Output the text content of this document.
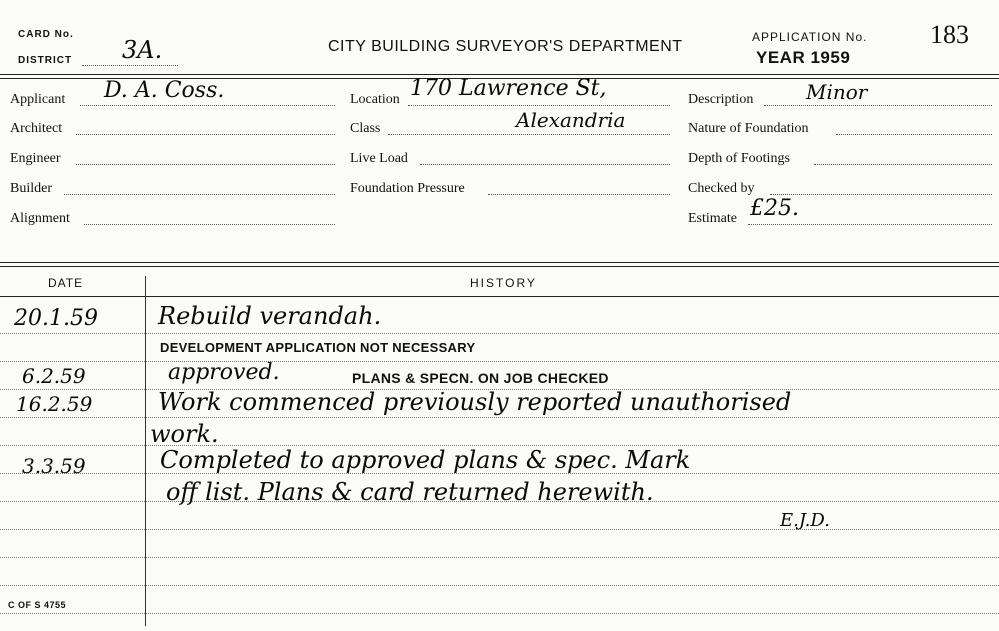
CARD No.
DISTRICT 3A.	CITY BUILDING SURVEYOR'S DEPARTMENT
APPLICATION No. 183
YEAR 1959
Applicant D. A. Coss.
Architect
Engineer
Builder
Alignment
Location 170 Lawrence St,
Class	Alexandria
Live Load
Foundation Pressure
Description	Minor
Nature of Foundation
Depth of Footings
Checked by
Estimate £25.
DATE	HISTORY
20.1.59	Rebuild verandah.
DEVELOPMENT APPLICATION NOT NECESSARY
6.2.59	approved.	PLANS & SPECN. ON JOB CHECKED
16.2.59	Work commenced previously reported unauthorised
work.
3.3.59	Completed to approved plans & spec. Mark
off list. Plans & card returned herewith.
E.J.D.
C OF S 4755
